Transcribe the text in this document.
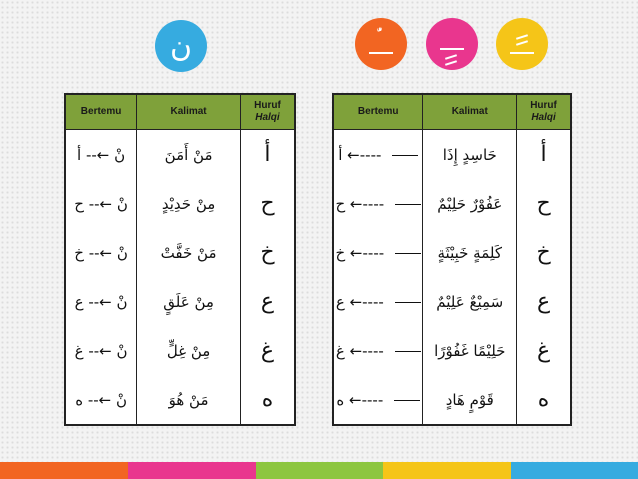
ن
Bertemu	Kalimat	Huruf
Halqi
نْ ←-- أ	مَنْ أَمَنَ	أ
نْ ←-- ح	مِنْ حَدِيْدٍ	ح
نْ ←-- خ	مَنْ خَفَّتْ	خ
نْ ←-- ع	مِنْ عَلَقٍ	ع
نْ ←-- غ	مِنْ غِلٍّ	غ
نْ ←-- ه	مَنْ هُوَ	ه
Bertemu	Kalimat	Huruf
Halqi
أ ←----	حَاسِدٍ إِذَا	أ
ح ←----	عَفُوْرٌ حَلِيْمٌ	ح
خ ←----	كَلِمَةٍ خَبِيْثَةٍ	خ
ع ←----	سَمِيْعٌ عَلِيْمٌ	ع
غ ←----	حَلِيْمًا غَفُوْرًا	غ
ه ←----	قَوْمٍ هَادٍ	ه
